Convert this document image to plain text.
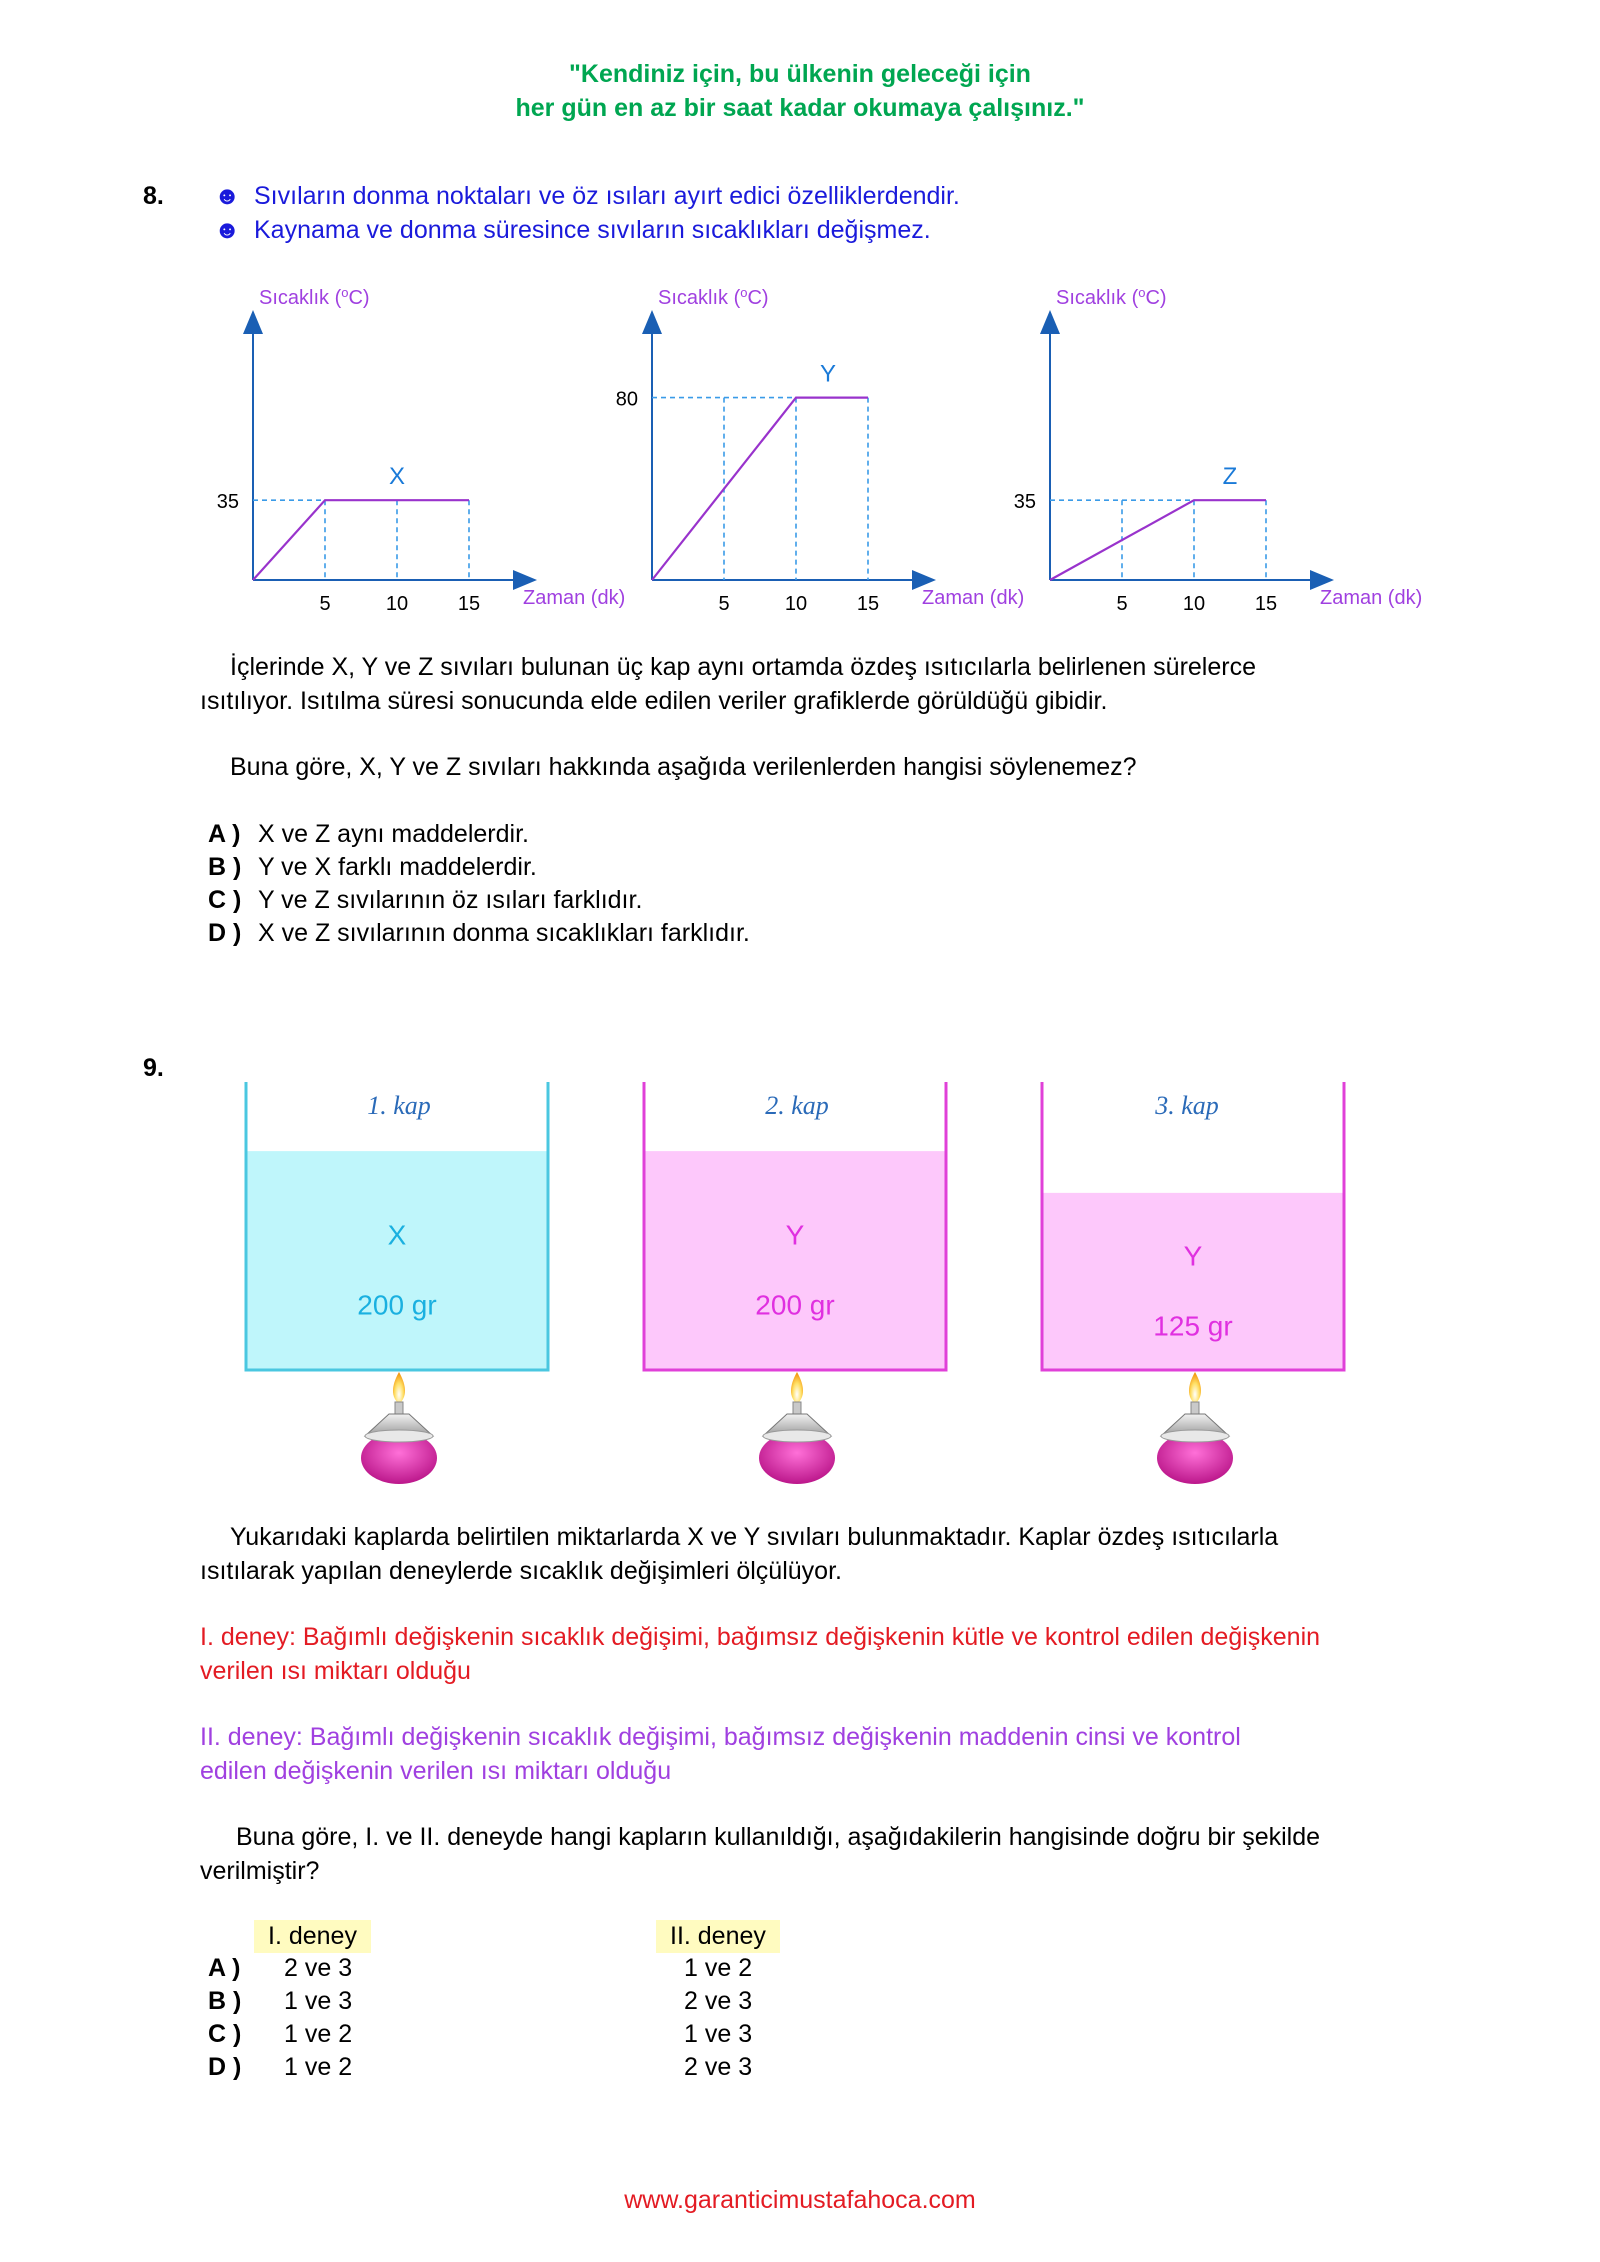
"Kendiniz için, bu ülkenin geleceği için
her gün en az bir saat kadar okumaya çalışınız."
8. ☻ Sıvıların donma noktaları ve öz ısıları ayırt edici özelliklerdendir.
☻ Kaynama ve donma süresince sıvıların sıcaklıkları değişmez.
Sıcaklık ($^o$C)
Zaman (dk)
35
5	10 15
X
Sıcaklık ($^o$C)
Zaman (dk)
80
5	10 15
Y
Sıcaklık ($^o$C)
Zaman (dk)
35
5	10 15
Z
İçlerinde X, Y ve Z sıvıları bulunan üç kap aynı ortamda özdeş ısıtıcılarla belirlenen sürelerce
ısıtılıyor. Isıtılma süresi sonucunda elde edilen veriler grafiklerde görüldüğü gibidir.
Buna göre, X, Y ve Z sıvıları hakkında aşağıda verilenlerden hangisi söylenemez?
A ) X ve Z aynı maddelerdir.
B ) Y ve X farklı maddelerdir.
C ) Y ve Z sıvılarının öz ısıları farklıdır.
D ) X ve Z sıvılarının donma sıcaklıkları farklıdır.
9.
1. kap
X
200 gr
2. kap
Y
200 gr
3. kap
Y
125 gr
Yukarıdaki kaplarda belirtilen miktarlarda X ve Y sıvıları bulunmaktadır. Kaplar özdeş ısıtıcılarla
ısıtılarak yapılan deneylerde sıcaklık değişimleri ölçülüyor.
I. deney: Bağımlı değişkenin sıcaklık değişimi, bağımsız değişkenin kütle ve kontrol edilen değişkenin
verilen ısı miktarı olduğu
II. deney: Bağımlı değişkenin sıcaklık değişimi, bağımsız değişkenin maddenin cinsi ve kontrol
edilen değişkenin verilen ısı miktarı olduğu
Buna göre, I. ve II. deneyde hangi kapların kullanıldığı, aşağıdakilerin hangisinde doğru bir şekilde
verilmiştir?
I. deney	II. deney
A )	2 ve 3	1 ve 2
B )	1 ve 3	2 ve 3
C )	1 ve 2	1 ve 3
D )	1 ve 2	2 ve 3
www.garanticimustafahoca.com
